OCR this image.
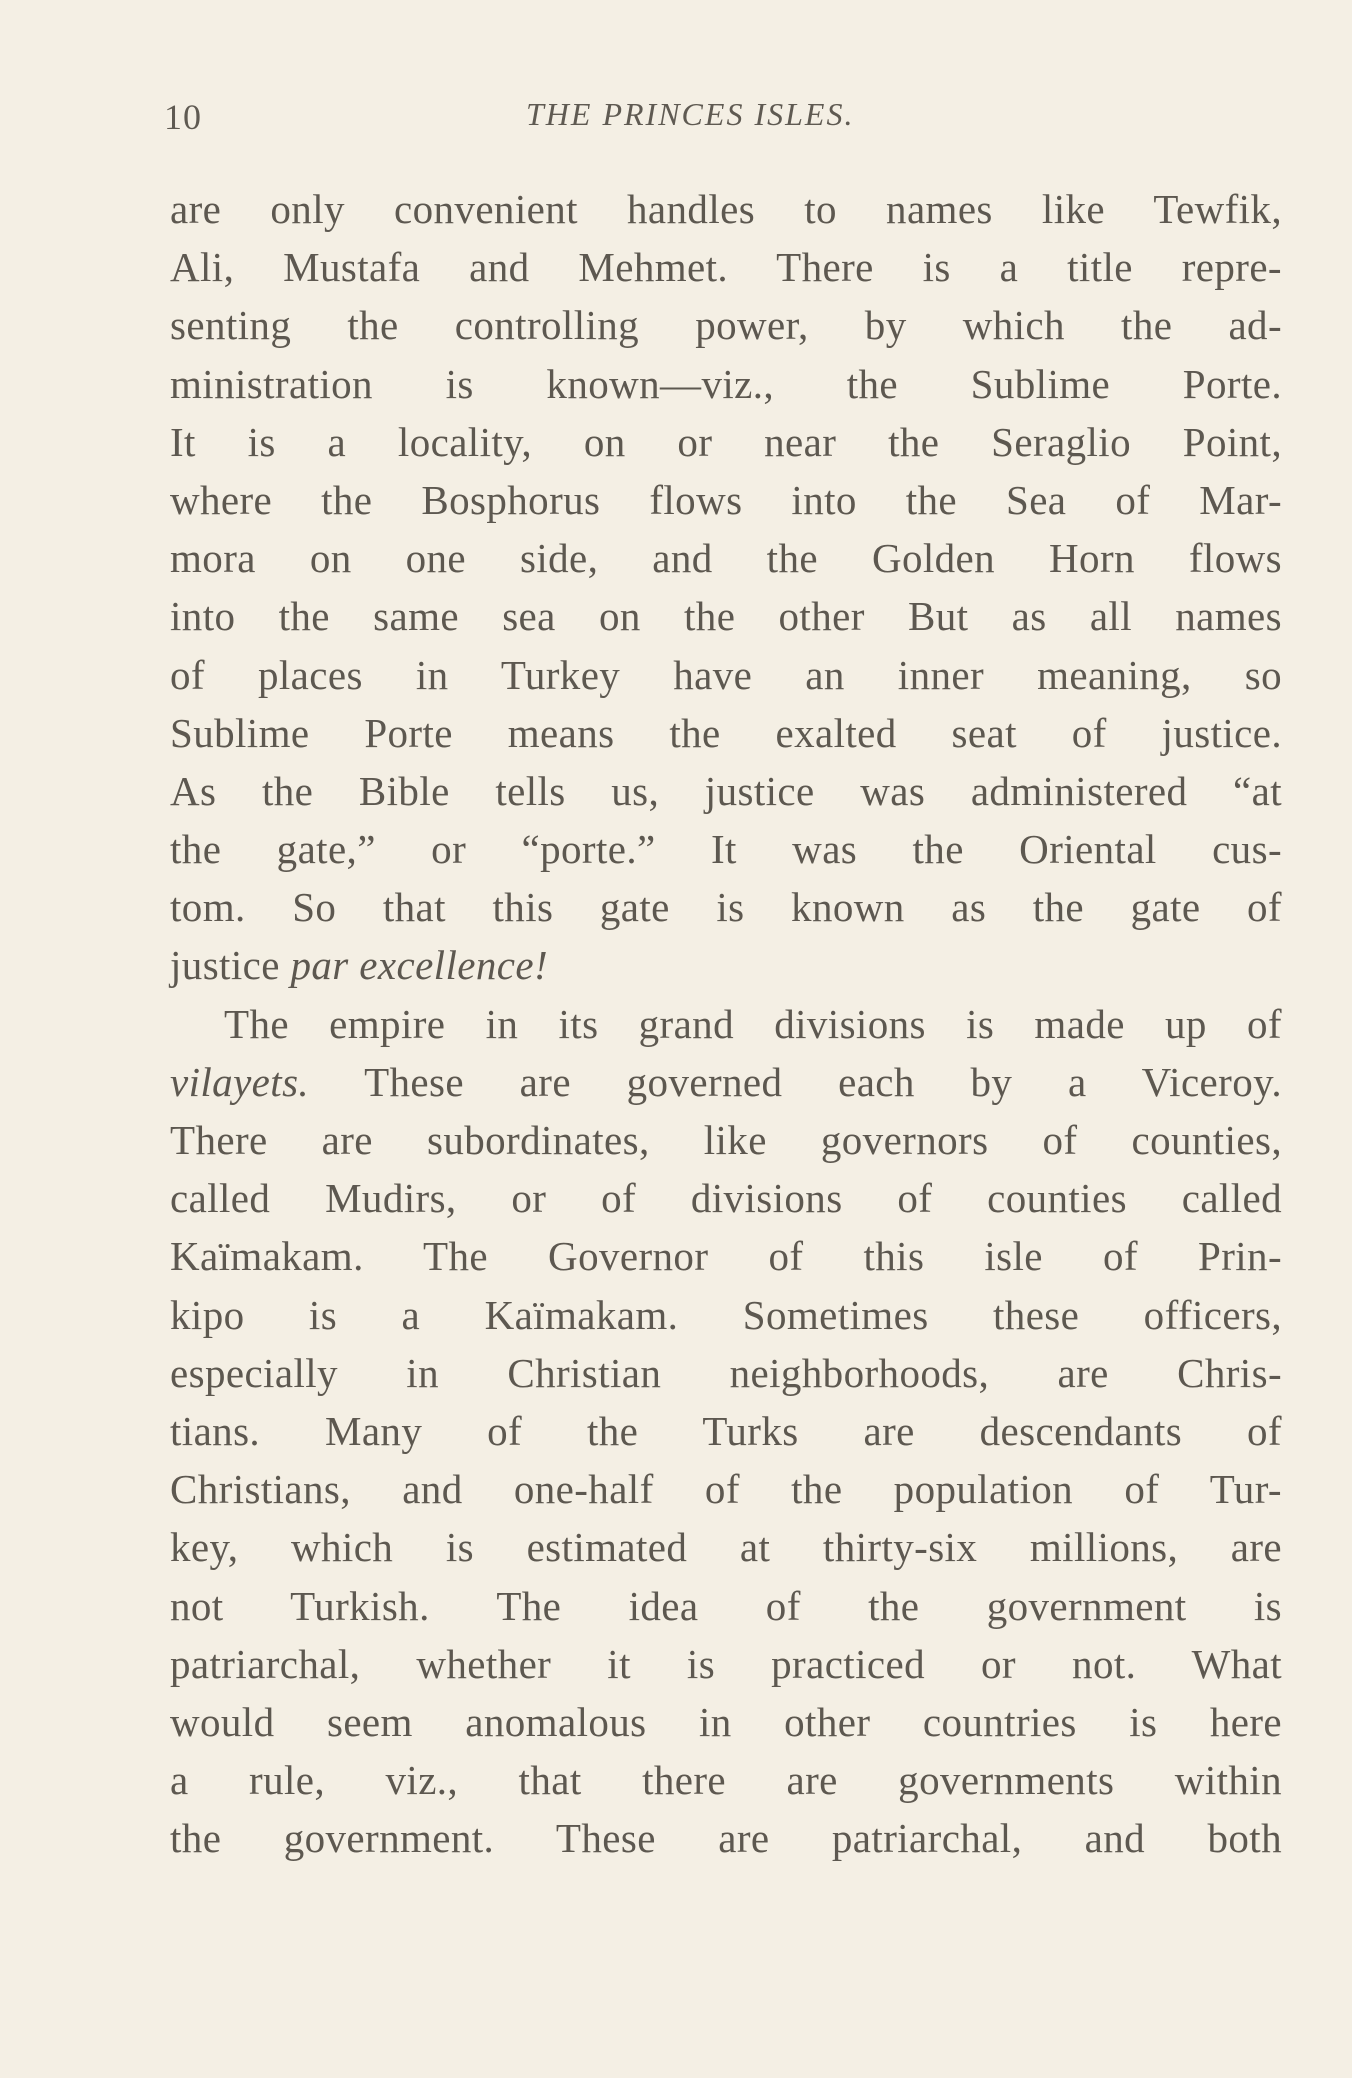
10	THE PRINCES ISLES.
are only convenient handles to names like Tewfik,
Ali, Mustafa and Mehmet. There is a title repre-
senting the controlling power, by which the ad-
ministration is known—viz., the Sublime Porte.
It is a locality, on or near the Seraglio Point,
where the Bosphorus flows into the Sea of Mar-
mora on one side, and the Golden Horn flows
into the same sea on the other But as all names
of places in Turkey have an inner meaning, so
Sublime Porte means the exalted seat of justice.
As the Bible tells us, justice was administered “at
the gate,” or “porte.” It was the Oriental cus-
tom. So that this gate is known as the gate of
justice par excellence!
The empire in its grand divisions is made up of
vilayets. These are governed each by a Viceroy.
There are subordinates, like governors of counties,
called Mudirs, or of divisions of counties called
Kaïmakam. The Governor of this isle of Prin-
kipo is a Kaïmakam. Sometimes these officers,
especially in Christian neighborhoods, are Chris-
tians. Many of the Turks are descendants of
Christians, and one-half of the population of Tur-
key, which is estimated at thirty-six millions, are
not Turkish. The idea of the government is
patriarchal, whether it is practiced or not. What
would seem anomalous in other countries is here
a rule, viz., that there are governments within
the government. These are patriarchal, and both
